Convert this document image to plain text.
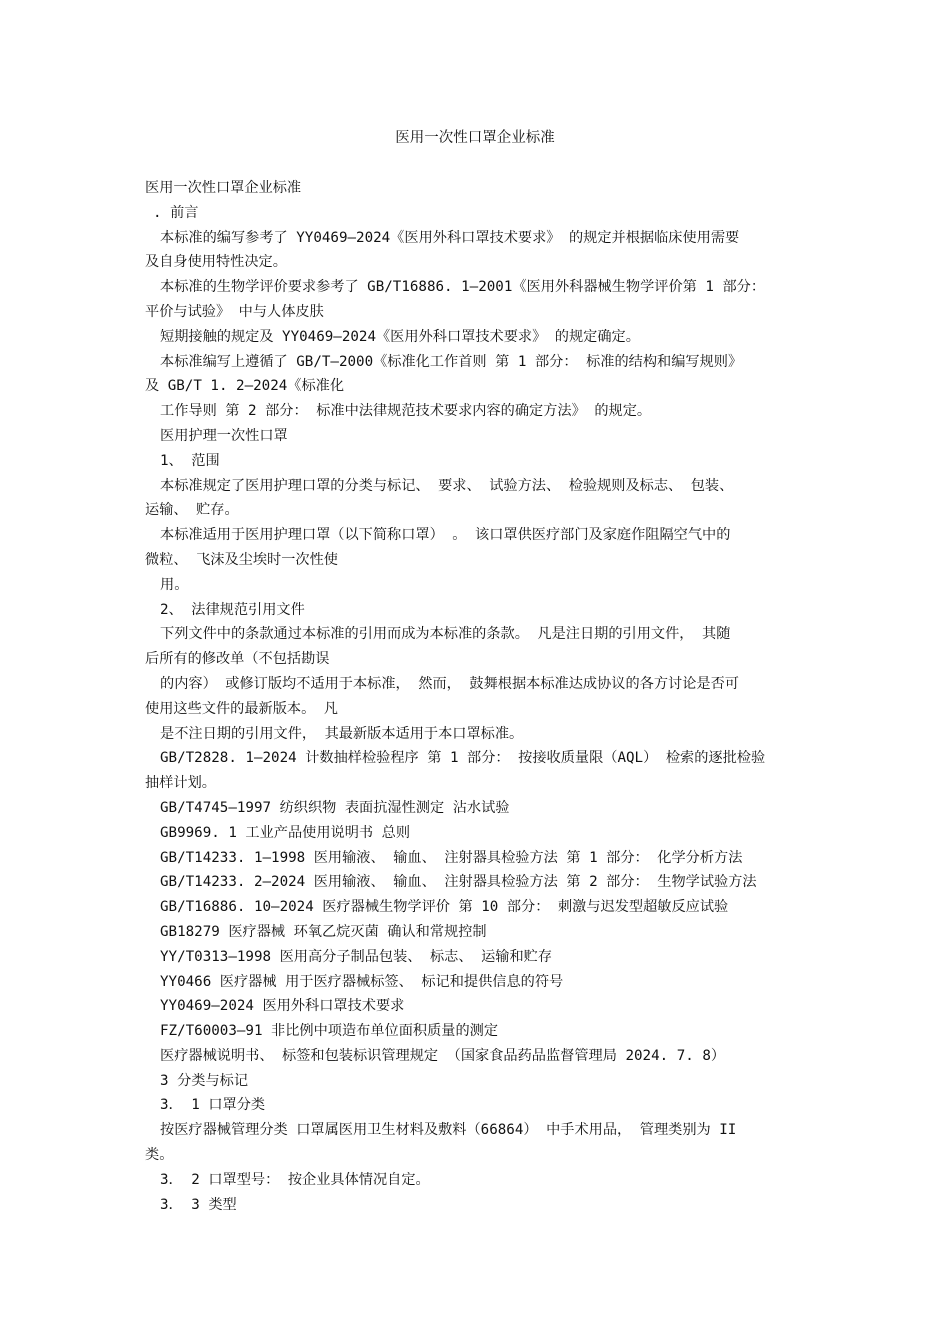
医用一次性口罩企业标准
医用一次性口罩企业标准
. 前言
本标准的编写参考了 YY0469—2024《医用外科口罩技术要求》 的规定并根据临床使用需要
及自身使用特性决定。
本标准的生物学评价要求参考了 GB/T16886. 1—2001《医用外科器械生物学评价第 1 部分：
平价与试验》 中与人体皮肤
短期接触的规定及 YY0469—2024《医用外科口罩技术要求》 的规定确定。
本标准编写上遵循了 GB/T—2000《标准化工作首则 第 1 部分： 标准的结构和编写规则》
及 GB/T 1. 2—2024《标准化
工作导则 第 2 部分： 标准中法律规范技术要求内容的确定方法》 的规定。
医用护理一次性口罩
1、 范围
本标准规定了医用护理口罩的分类与标记、 要求、 试验方法、 检验规则及标志、 包装、
运输、 贮存。
本标准适用于医用护理口罩（以下简称口罩） 。 该口罩供医疗部门及家庭作阻隔空气中的
微粒、 飞沫及尘埃时一次性使
用。
2、 法律规范引用文件
下列文件中的条款通过本标准的引用而成为本标准的条款。 凡是注日期的引用文件， 其随
后所有的修改单（不包括勘误
的内容） 或修订版均不适用于本标准， 然而， 鼓舞根据本标准达成协议的各方讨论是否可
使用这些文件的最新版本。 凡
是不注日期的引用文件， 其最新版本适用于本口罩标准。
GB/T2828. 1—2024 计数抽样检验程序 第 1 部分： 按接收质量限（AQL） 检索的逐批检验
抽样计划。
GB/T4745—1997 纺织织物 表面抗湿性测定 沾水试验
GB9969. 1 工业产品使用说明书 总则
GB/T14233. 1—1998 医用输液、 输血、 注射器具检验方法 第 1 部分： 化学分析方法
GB/T14233. 2—2024 医用输液、 输血、 注射器具检验方法 第 2 部分： 生物学试验方法
GB/T16886. 10—2024 医疗器械生物学评价 第 10 部分： 刺激与迟发型超敏反应试验
GB18279 医疗器械 环氧乙烷灭菌 确认和常规控制
YY/T0313—1998 医用高分子制品包装、 标志、 运输和贮存
YY0466 医疗器械 用于医疗器械标签、 标记和提供信息的符号
YY0469—2024 医用外科口罩技术要求
FZ/T60003—91 非比例中项造布单位面积质量的测定
医疗器械说明书、 标签和包装标识管理规定 （国家食品药品监督管理局 2024. 7. 8）
3 分类与标记
3． 1 口罩分类
按医疗器械管理分类 口罩属医用卫生材料及敷料（66864） 中手术用品， 管理类别为 II
类。
3． 2 口罩型号： 按企业具体情况自定。
3． 3 类型
